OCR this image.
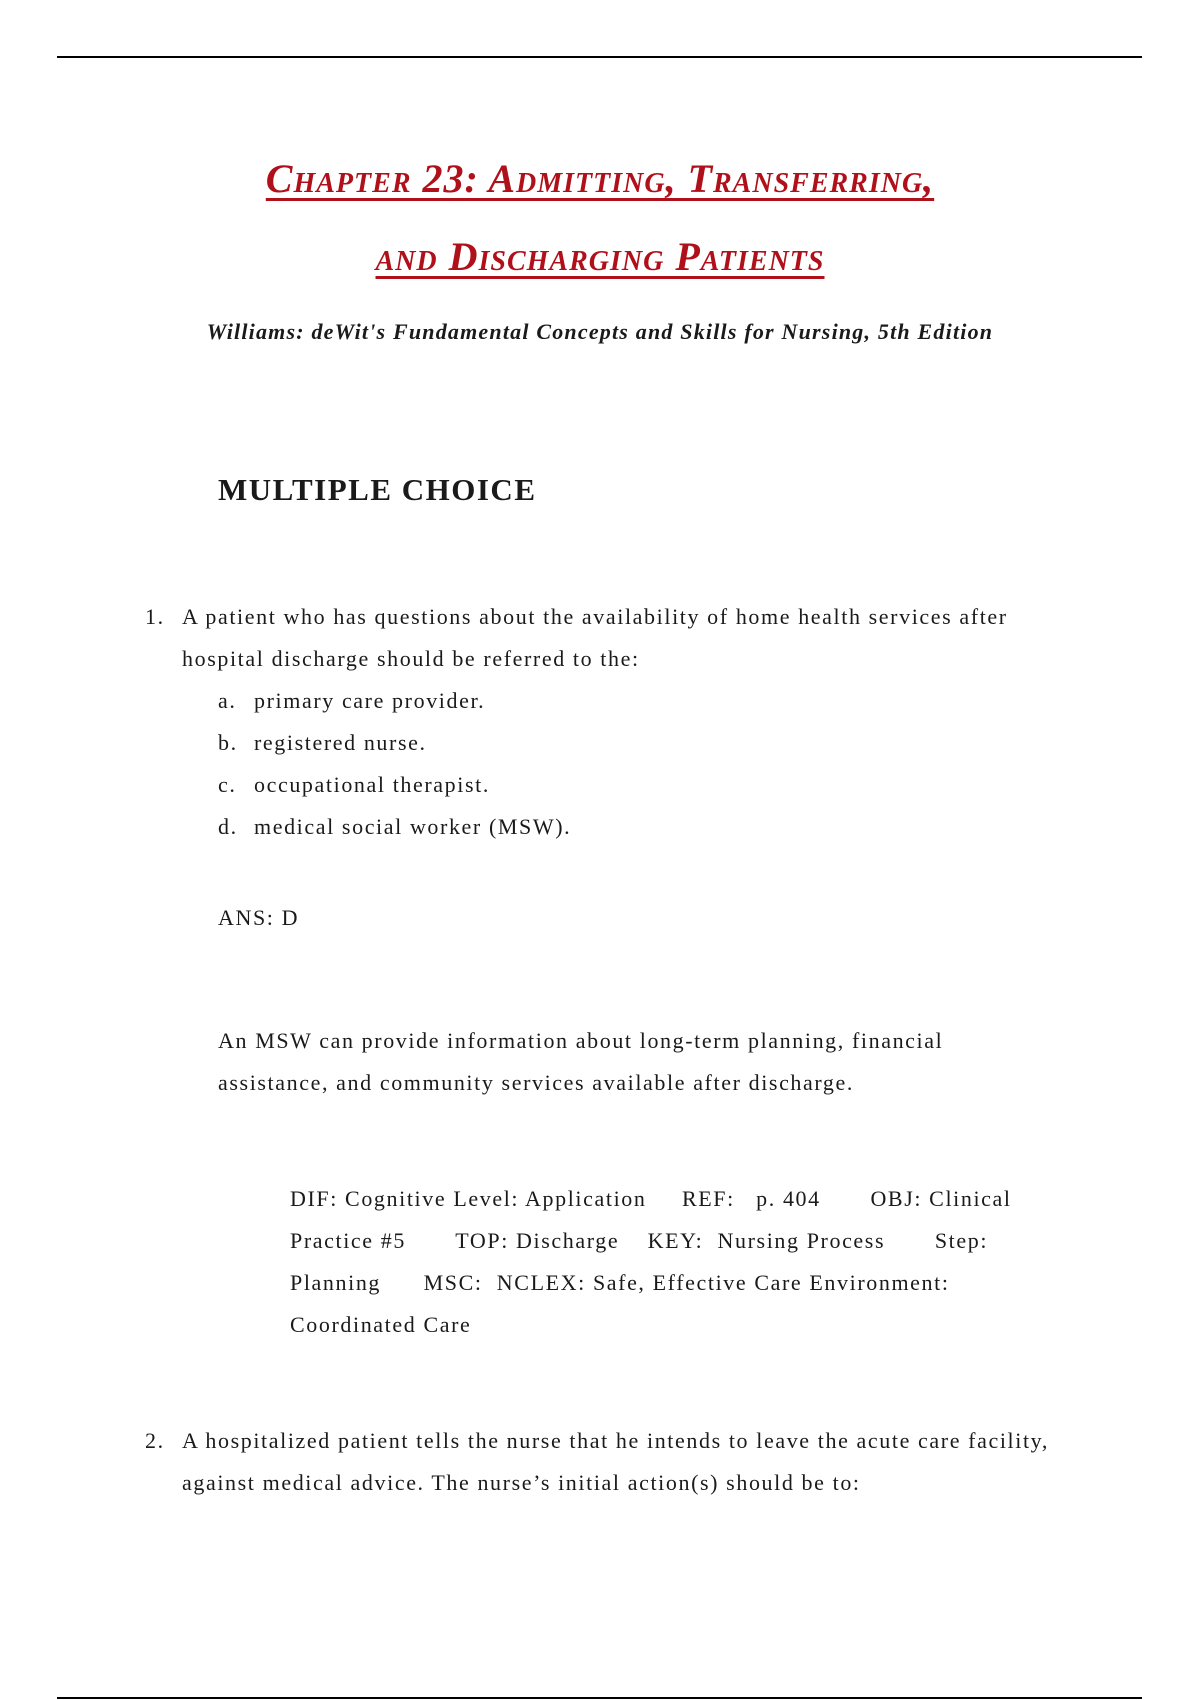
Chapter 23: Admitting, Transferring,
and Discharging Patients
Williams: deWit's Fundamental Concepts and Skills for Nursing, 5th Edition
MULTIPLE CHOICE
1. A patient who has questions about the availability of home health services after hospital discharge should be referred to the:
a. primary care provider.
b. registered nurse.
c. occupational therapist.
d. medical social worker (MSW).
ANS: D
An MSW can provide information about long-term planning, financial assistance, and community services available after discharge.
DIF: Cognitive Level: Application     REF:   p. 404       OBJ: Clinical Practice #5       TOP: Discharge    KEY:  Nursing Process       Step: Planning      MSC:  NCLEX: Safe, Effective Care Environment: Coordinated Care
2. A hospitalized patient tells the nurse that he intends to leave the acute care facility, against medical advice. The nurse’s initial action(s) should be to:
